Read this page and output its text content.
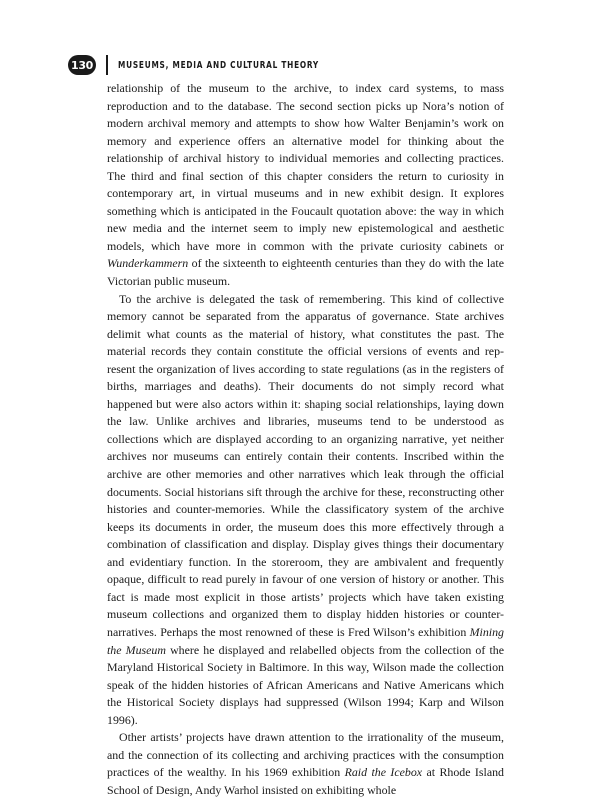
130	MUSEUMS, MEDIA AND CULTURAL THEORY

relationship of the museum to the archive, to index card systems, to mass reproduction and to the database. The second section picks up Nora’s notion of modern archival memory and attempts to show how Walter Benjamin’s work on memory and experience offers an alternative model for thinking about the relationship of archival history to individual memories and collecting practices. The third and final section of this chapter considers the return to curiosity in contemporary art, in virtual museums and in new exhibit design. It explores something which is anticipated in the Foucault quotation above: the way in which new media and the internet seem to imply new epistemological and aesthetic models, which have more in common with the private curiosity cabinets or Wunderkammern of the sixteenth to eighteenth centuries than they do with the late Victorian public museum.

To the archive is delegated the task of remembering. This kind of collective memory cannot be separated from the apparatus of governance. State archives delimit what counts as the material of history, what constitutes the past. The material records they contain constitute the official versions of events and represent the organization of lives according to state regulations (as in the registers of births, marriages and deaths). Their documents do not simply record what happened but were also actors within it: shaping social relationships, laying down the law. Unlike archives and libraries, museums tend to be understood as collections which are displayed according to an organizing narrative, yet neither archives nor museums can entirely contain their contents. Inscribed within the archive are other memories and other narratives which leak through the official documents. Social historians sift through the archive for these, reconstructing other histories and counter-memories. While the classificatory system of the archive keeps its documents in order, the museum does this more effectively through a combination of classification and display. Display gives things their documentary and evidentiary function. In the storeroom, they are ambivalent and frequently opaque, difficult to read purely in favour of one version of history or another. This fact is made most explicit in those artists’ projects which have taken existing museum collections and organized them to display hidden histories or counter-narratives. Perhaps the most renowned of these is Fred Wilson’s exhibition Mining the Museum where he displayed and relabelled objects from the collection of the Maryland Historical Society in Baltimore. In this way, Wilson made the collection speak of the hidden histories of African Americans and Native Americans which the Historical Society displays had suppressed (Wilson 1994; Karp and Wilson 1996).

Other artists’ projects have drawn attention to the irrationality of the museum, and the connection of its collecting and archiving practices with the consumption practices of the wealthy. In his 1969 exhibition Raid the Icebox at Rhode Island School of Design, Andy Warhol insisted on exhibiting whole
